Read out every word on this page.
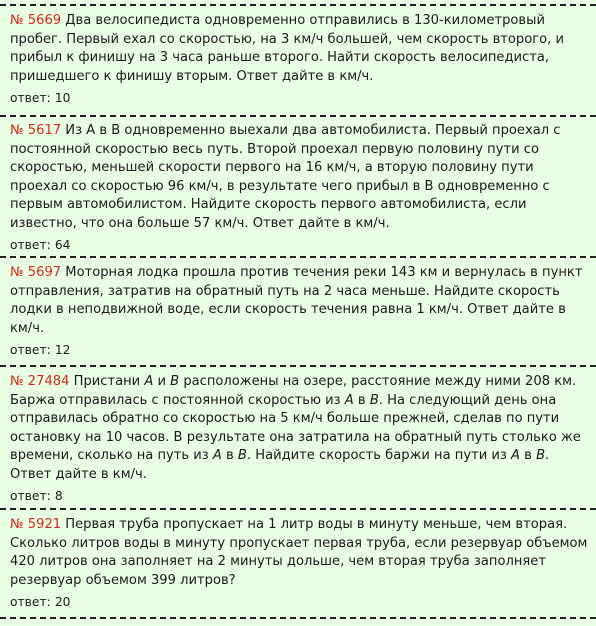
№ 5669 Два велосипедиста одновременно отправились в 130-километровый пробег. Первый ехал со скоростью, на 3 км/ч большей, чем скорость второго, и прибыл к финишу на 3 часа раньше второго. Найти скорость велосипедиста, пришедшего к финишу вторым. Ответ дайте в км/ч.

ответ: 10

№ 5617 Из А в В одновременно выехали два автомобилиста. Первый проехал с постоянной скоростью весь путь. Второй проехал первую половину пути со скоростью, меньшей скорости первого на 16 км/ч, а вторую половину пути проехал со скоростью 96 км/ч, в результате чего прибыл в В одновременно с первым автомобилистом. Найдите скорость первого автомобилиста, если известно, что она больше 57 км/ч. Ответ дайте в км/ч.

ответ: 64

№ 5697 Моторная лодка прошла против течения реки 143 км и вернулась в пункт отправления, затратив на обратный путь на 2 часа меньше. Найдите скорость лодки в неподвижной воде, если скорость течения равна 1 км/ч. Ответ дайте в км/ч.

ответ: 12

№ 27484 Пристани A и B расположены на озере, расстояние между ними 208 км. Баржа отправилась с постоянной скоростью из A в B. На следующий день она отправилась обратно со скоростью на 5 км/ч больше прежней, сделав по пути остановку на 10 часов. В результате она затратила на обратный путь столько же времени, сколько на путь из A в B. Найдите скорость баржи на пути из A в B. Ответ дайте в км/ч.

ответ: 8

№ 5921 Первая труба пропускает на 1 литр воды в минуту меньше, чем вторая. Сколько литров воды в минуту пропускает первая труба, если резервуар объемом 420 литров она заполняет на 2 минуты дольше, чем вторая труба заполняет резервуар объемом 399 литров?

ответ: 20
